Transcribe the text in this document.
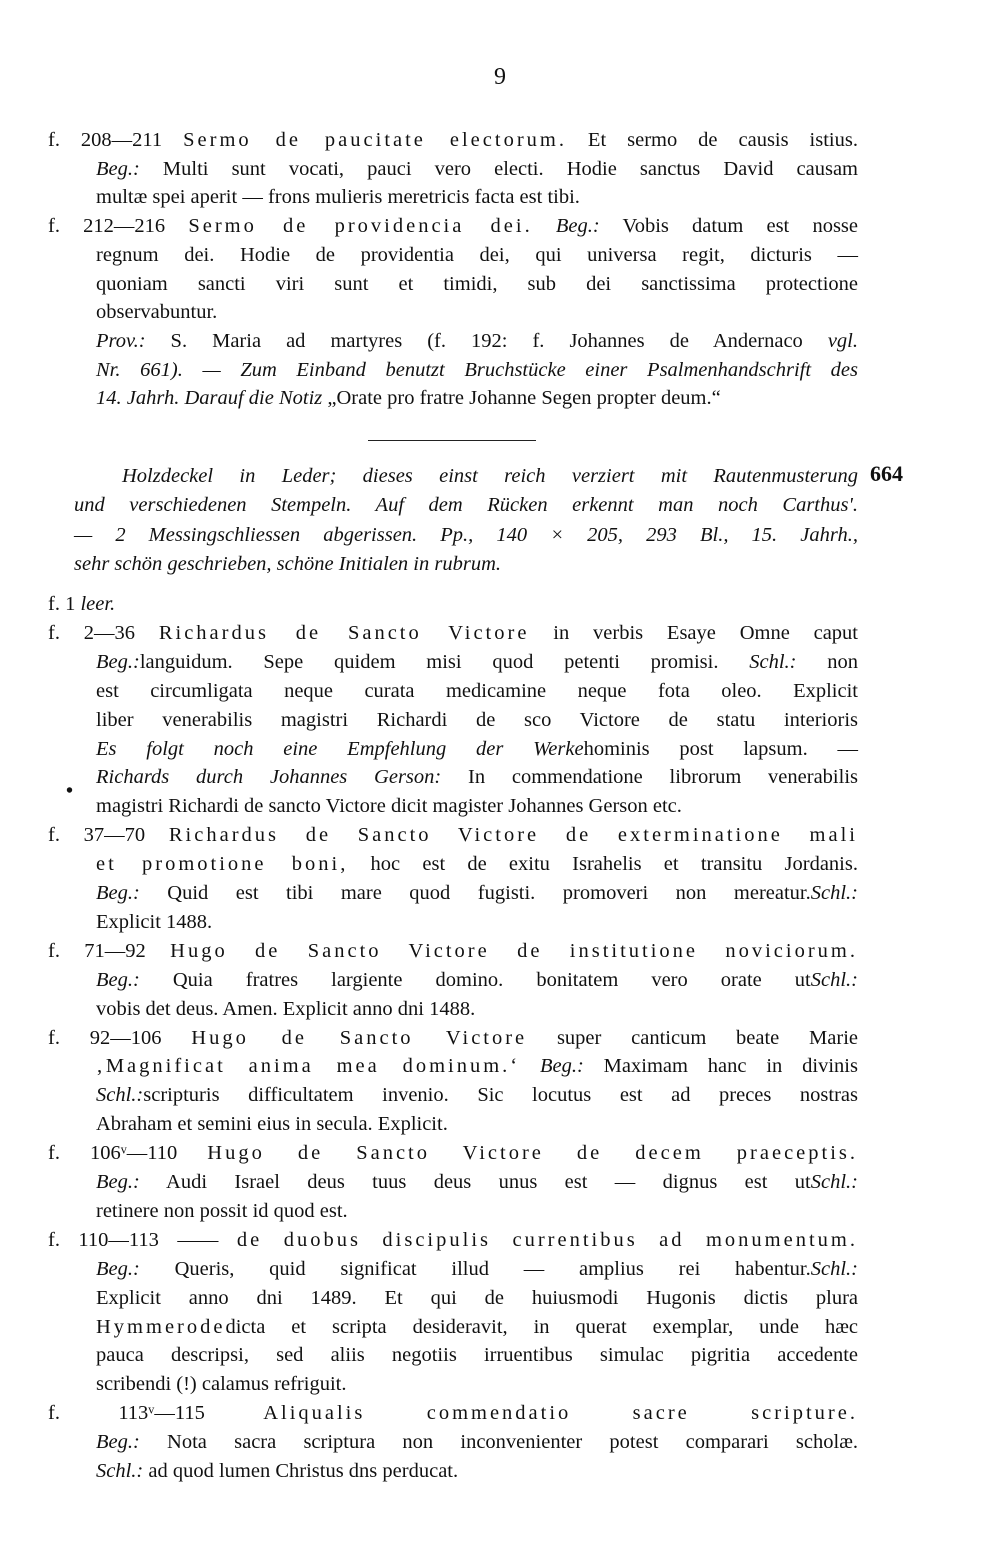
9
f. 208—211 Sermo de paucitate electorum. Et sermo de causis istius.
Beg.: Multi sunt vocati, pauci vero electi. Hodie sanctus David causam
multæ spei aperit — frons mulieris meretricis facta est tibi.
f. 212—216 Sermo de providencia dei. Beg.: Vobis datum est nosse
regnum dei. Hodie de providentia dei, qui universa regit, dicturis —
quoniam sancti viri sunt et timidi, sub dei sanctissima protectione
observabuntur.
Prov.: S. Maria ad martyres (f. 192: f. Johannes de Andernaco vgl.
Nr. 661). — Zum Einband benutzt Bruchstücke einer Psalmenhandschrift des
14. Jahrh. Darauf die Notiz „Orate pro fratre Johanne Segen propter deum.“
664
Holzdeckel in Leder; dieses einst reich verziert mit Rautenmusterung
und verschiedenen Stempeln. Auf dem Rücken erkennt man noch Carthus'.
— 2 Messingschliessen abgerissen. Pp., 140 × 205, 293 Bl., 15. Jahrh.,
sehr schön geschrieben, schöne Initialen in rubrum.
f. 1 leer.
f. 2—36 Richardus de Sancto Victore in verbis Esaye Omne caput
Beg.:languidum. Sepe quidem misi quod petenti promisi. Schl.: non
est circumligata neque curata medicamine neque fota oleo. Explicit
liber venerabilis magistri Richardi de sco Victore de statu interioris
Es folgt noch eine Empfehlung der Werkehominis post lapsum. —
Richards durch Johannes Gerson: In commendatione librorum venerabilis
magistri Richardi de sancto Victore dicit magister Johannes Gerson etc.
f. 37—70 Richardus de Sancto Victore de exterminatione mali
et promotione boni, hoc est de exitu Israhelis et transitu Jordanis.
Beg.: Quid est tibi mare quod fugisti. promoveri non mereatur.Schl.:
Explicit 1488.
f. 71—92 Hugo de Sancto Victore de institutione noviciorum.
Beg.: Quia fratres largiente domino. bonitatem vero orate utSchl.:
vobis det deus. Amen. Explicit anno dni 1488.
f. 92—106 Hugo de Sancto Victore super canticum beate Marie
‚Magnificat anima mea dominum.‘ Beg.: Maximam hanc in divinis
Schl.:scripturis difficultatem invenio. Sic locutus est ad preces nostras
Abraham et semini eius in secula. Explicit.
f. 106ᵛ—110 Hugo de Sancto Victore de decem praeceptis.
Beg.: Audi Israel deus tuus deus unus est — dignus est utSchl.:
retinere non possit id quod est.
f. 110—113 —— de duobus discipulis currentibus ad monumentum.
Beg.: Queris, quid significat illud — amplius rei habentur.Schl.:
Explicit anno dni 1489. Et qui de huiusmodi Hugonis dictis plura
Hymmerodedicta et scripta desideravit, in querat exemplar, unde hæc
pauca descripsi, sed aliis negotiis irruentibus simulac pigritia accedente
scribendi (!) calamus refriguit.
f. 113ᵛ—115 Aliqualis commendatio sacre scripture.
Beg.: Nota sacra scriptura non inconvenienter potest comparari scholæ.
Schl.: ad quod lumen Christus dns perducat.
•
